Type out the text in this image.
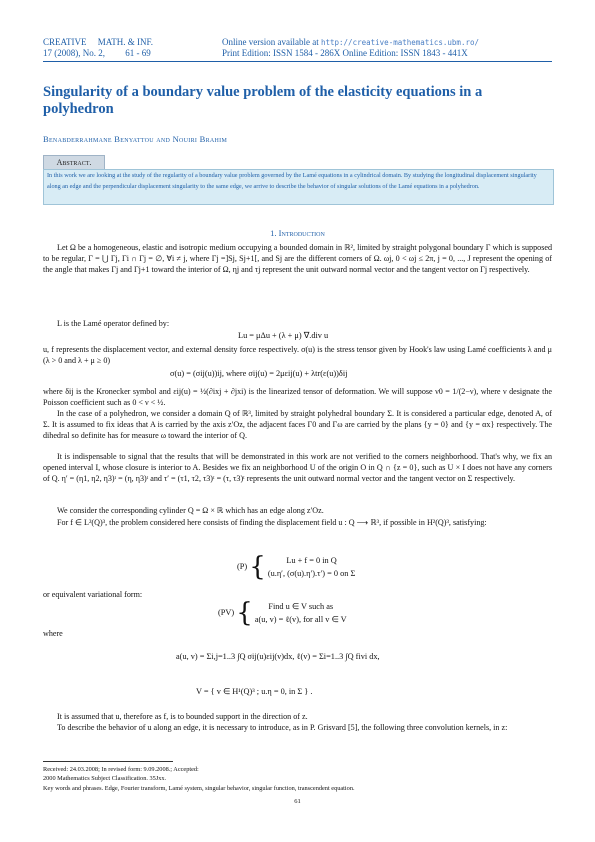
CREATIVE     MATH. & INF.
17 (2008), No. 2,         61 - 69
Online version available at http://creative-mathematics.ubm.ro/
Print Edition: ISSN 1584 - 286X Online Edition: ISSN 1843 - 441X
Singularity of a boundary value problem of the elasticity equations in a polyhedron
Benabderrahmane Benyattou and Nouiri Brahim
Abstract.
In this work we are looking at the study of the regularity of a boundary value problem governed by the Lamé equations in a cylindrical domain. By studying the longitudinal displacement singularity along an edge and the perpendicular displacement singularity to the same edge, we arrive to describe the behavior of singular solutions of the Lamé equations in a polyhedron.
1. Introduction
Let Ω be a homogeneous, elastic and isotropic medium occupying a bounded domain in ℝ², limited by straight polygonal boundary Γ which is supposed to be regular, Γ = ⋃ Γj, Γi ∩ Γj = ∅, ∀i ≠ j, where Γj =]Sj, Sj+1[, and Sj are the different corners of Ω. ωj, 0 < ωj ≤ 2π, j = 0, ..., J represent the opening of the angle that makes Γj and Γj+1 toward the interior of Ω, ηj and τj represent the unit outward normal vector and the tangent vector on Γj respectively.
L is the Lamé operator defined by:
Lu = μΔu + (λ + μ) ∇.div u
u, f represents the displacement vector, and external density force respectively. σ(u) is the stress tensor given by Hook's law using Lamé coefficients λ and μ (λ > 0 and λ + μ ≥ 0)
σ(u) = (σij(u))ij, where σij(u) = 2μεij(u) + λtr(ε(u))δij
where δij is the Kronecker symbol and εij(u) = ½(∂ixj + ∂jxi) is the linearized tensor of deformation. We will suppose ν0 = 1/(2−ν), where ν designate the Poisson coefficient such as 0 < ν < ½.
In the case of a polyhedron, we consider a domain Q of ℝ³, limited by straight polyhedral boundary Σ. It is considered a particular edge, denoted A, of Σ. It is assumed to fix ideas that A is carried by the axis z′Oz, the adjacent faces Γ0 and Γω are carried by the plans {y = 0} and {y = αx} respectively. The dihedral so definite has for measure ω toward the interior of Q.
It is indispensable to signal that the results that will be demonstrated in this work are not verified to the corners neighborhood. That's why, we fix an opened interval I, whose closure is interior to A. Besides we fix an neighborhood U of the origin O in Q ∩ {z = 0}, such as U × I does not have any corners of Q. η′ = (η1, η2, η3)ᵗ = (η, η3)ᵗ and τ′ = (τ1, τ2, τ3)ᵗ = (τ, τ3)ᵗ represents the unit outward normal vector and the tangent vector on Σ respectively.
We consider the corresponding cylinder Q = Ω × ℝ which has an edge along z′Oz.
For f ∈ L²(Q)³, the problem considered here consists of finding the displacement field u : Q ⟶ ℝ³, if possible in H²(Q)³, satisfying:
(P) { Lu + f = 0 in Q
(u.η′, (σ(u).η′).τ′) = 0 on Σ
or equivalent variational form:
(PV) { Find u ∈ V such as
a(u, v) = ℓ(v), for all v ∈ V
where
a(u, v) = Σi,j=1..3 ∫Q σij(u)εij(v)dx, ℓ(v) = Σi=1..3 ∫Q fivi dx,
V = { v ∈ H¹(Q)³ ; u.η = 0, in Σ } .
It is assumed that u, therefore as f, is to bounded support in the direction of z.
To describe the behavior of u along an edge, it is necessary to introduce, as in P. Grisvard [5], the following three convolution kernels, in z:
Received: 24.03.2008; In revised form: 9.09.2008.; Accepted:
2000 Mathematics Subject Classification. 35Jxx.
Key words and phrases. Edge, Fourier transform, Lamé system, singular behavior, singular function, transcendent equation.
61
